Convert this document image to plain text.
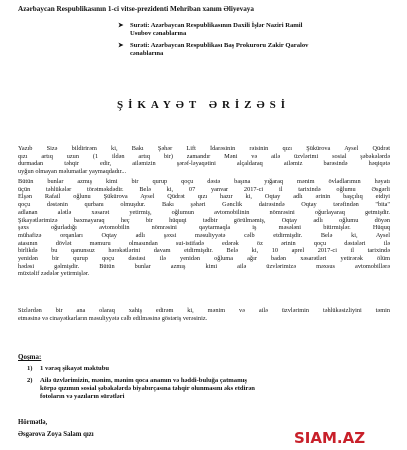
Azərbaycan Respublikasının 1-ci vitse-prezidenti Mehriban xanım Əliyevaya
➤ Surəti: Azərbaycan Respublikasının Daxili İşlər Naziri Ramil
Usubov cənablarına
➤ Surəti: Azərbaycan Respublikası Baş Prokuroru Zakir Qaralov
cənablarına
ŞİKAYƏT ƏRİZƏSİ
Yazıb Sizə bildirirəm ki, Bakı Şəhər Lift İdarəsinin rəisinin qızı Şükürova Aysel Qüdrət
qızı artıq uzun (1 ildən artıq bir) zamandır Məni və ailə üzvlərimi sosial şəbəkələrdə
durmadan təhqir edir, ailəmizin şərəf-ləyaqətini alçaldaraq ailəmiz barəsində həqiqətə
uyğun olmayan məlumatlar yaymaqdadır...
Bütün bunlar azmış kimi bir qurup qoçu dəstə başına yığaraq mənim övladlarımın həyatı
üçün təhlükələr törətməkdədir. Belə ki, 07 yanvar 2017-ci il tarixində oğlumu Əsgərli
Elşən Rafail oğlunu Şükürova Aysel Qüdrət qızı hazır ki, Oqtay adlı ərinin başçılıq etdiyi
qoçu dəstənin qurbanı olmuşdur. Bakı şəhəri Gənclik dairəsində Oqtay tərəfindən "bita"
adlanan alətlə xəsarət yetirmiş, oğlumun avtomobilinin nömrəsini oğurlayaraq getmişdir.
Şikayətlərimizə baxmayaraq heç bir hüquqi tədbir görülməmiş, Oqtay adlı oğlumu döyən
şəxs oğurladığı avtomobilin nömrəsini qaytarmaqla iş məsələni bitirmişlər. Hüquq
mühafizə orqanları Oqtay adlı şəxsi məsuliyyətə cəlb etdirmişdir. Belə ki, Aysel
atasının dövlət məmuru olmasından sui-istifadə edərək öz ərinin qoçu dəstələri ilə
birlikdə bu qanunsuz hərəkətlərini davam etdirmişdir. Belə ki, 10 aprel 2017-ci il tarixində
yenidən bir qurup qoçu dəstəsi ilə yenidən oğluma ağır badən xəsarətləri yetirərək ölüm
hədəsi gəlmişdir. Bütün bunlar azmış kimi ailə üzvlərimizə məxsus avtomobillərə
müxtəlif zədələr yetirmişlər.
Sizlərdən bir ana olaraq xahiş edirəm ki, mənim və ailə üzvlərimin təhlükəsizliyini təmin
etməsinə və cinayətkarların məsuliyyətə cəlb edilməsinə göstəriş verəsiniz.
Qoşma:
1) 1 vərəq şikayət məktubu
2) Ailə üzvlərimizin, mənim, mənim qoca anamın və həddi-buluğa çatmamış
körpə qızımın sosial şəbəkələrdə biyabırçasına təhqir olunmasını əks etdirən
fotoların və yazıların sürətləri
Hörmətlə,
Əsgərova Zoya Salam qızı	SIAM.AZ
